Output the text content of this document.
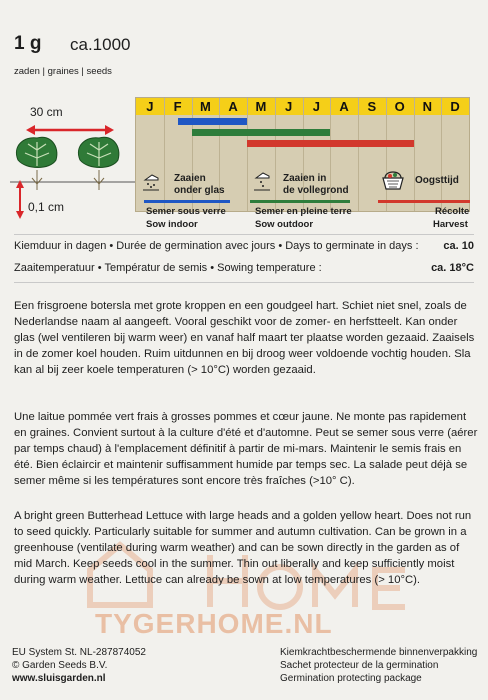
1 g ca.1000
zaden | graines | seeds
30 cm
0,1 cm
J	F	M	A	M	J	J	A	S	O	N	D
Zaaien
onder glas
Semer sous verre
Sow indoor
Zaaien in
de vollegrond
Semer en pleine terre
Sow outdoor
Oogsttijd
Récolte
Harvest
Kiemduur in dagen • Durée de germination avec jours • Days to germinate in days : ca. 10
Zaaitemperatuur • Températur de semis • Sowing temperature :	ca. 18°C
TYGERHOME.NL

Een frisgroene botersla met grote kroppen en een goudgeel hart. Schiet niet snel, zoals de Nederlandse naam al aangeeft. Vooral geschikt voor de zomer- en herfstteelt. Kan onder glas (wel ventileren bij warm weer) en vanaf half maart ter plaatse worden gezaaid. Zaaisels in de zomer koel houden. Ruim uitdunnen en bij droog weer voldoende vochtig houden. Sla kan al bij zeer koele temperaturen (> 10°C) worden gezaaid.

Une laitue pommée vert frais à grosses pommes et cœur jaune. Ne monte pas rapidement en graines. Convient surtout à la culture d'été et d'automne. Peut se semer sous verre (aérer par temps chaud) à l'emplacement définitif à partir de mi-mars. Maintenir le semis frais en été. Bien éclaircir et maintenir suffisamment humide par temps sec. La salade peut déjà se semer même si les températures sont encore très fraîches (>10° C).

A bright green Butterhead Lettuce with large heads and a golden yellow heart. Does not run to seed quickly. Particularly suitable for summer and autumn cultivation. Can be grown in a greenhouse (ventilate during warm weather) and can be sown directly in the garden as of mid March. Keep seeds cool in the summer. Thin out liberally and keep sufficiently moist during warm weather. Lettuce can already be sown at low temperatures (> 10°C).

EU System St. NL-287874052
© Garden Seeds B.V.
www.sluisgarden.nl
Kiemkrachtbeschermende binnenverpakking
Sachet protecteur de la germination
Germination protecting package
